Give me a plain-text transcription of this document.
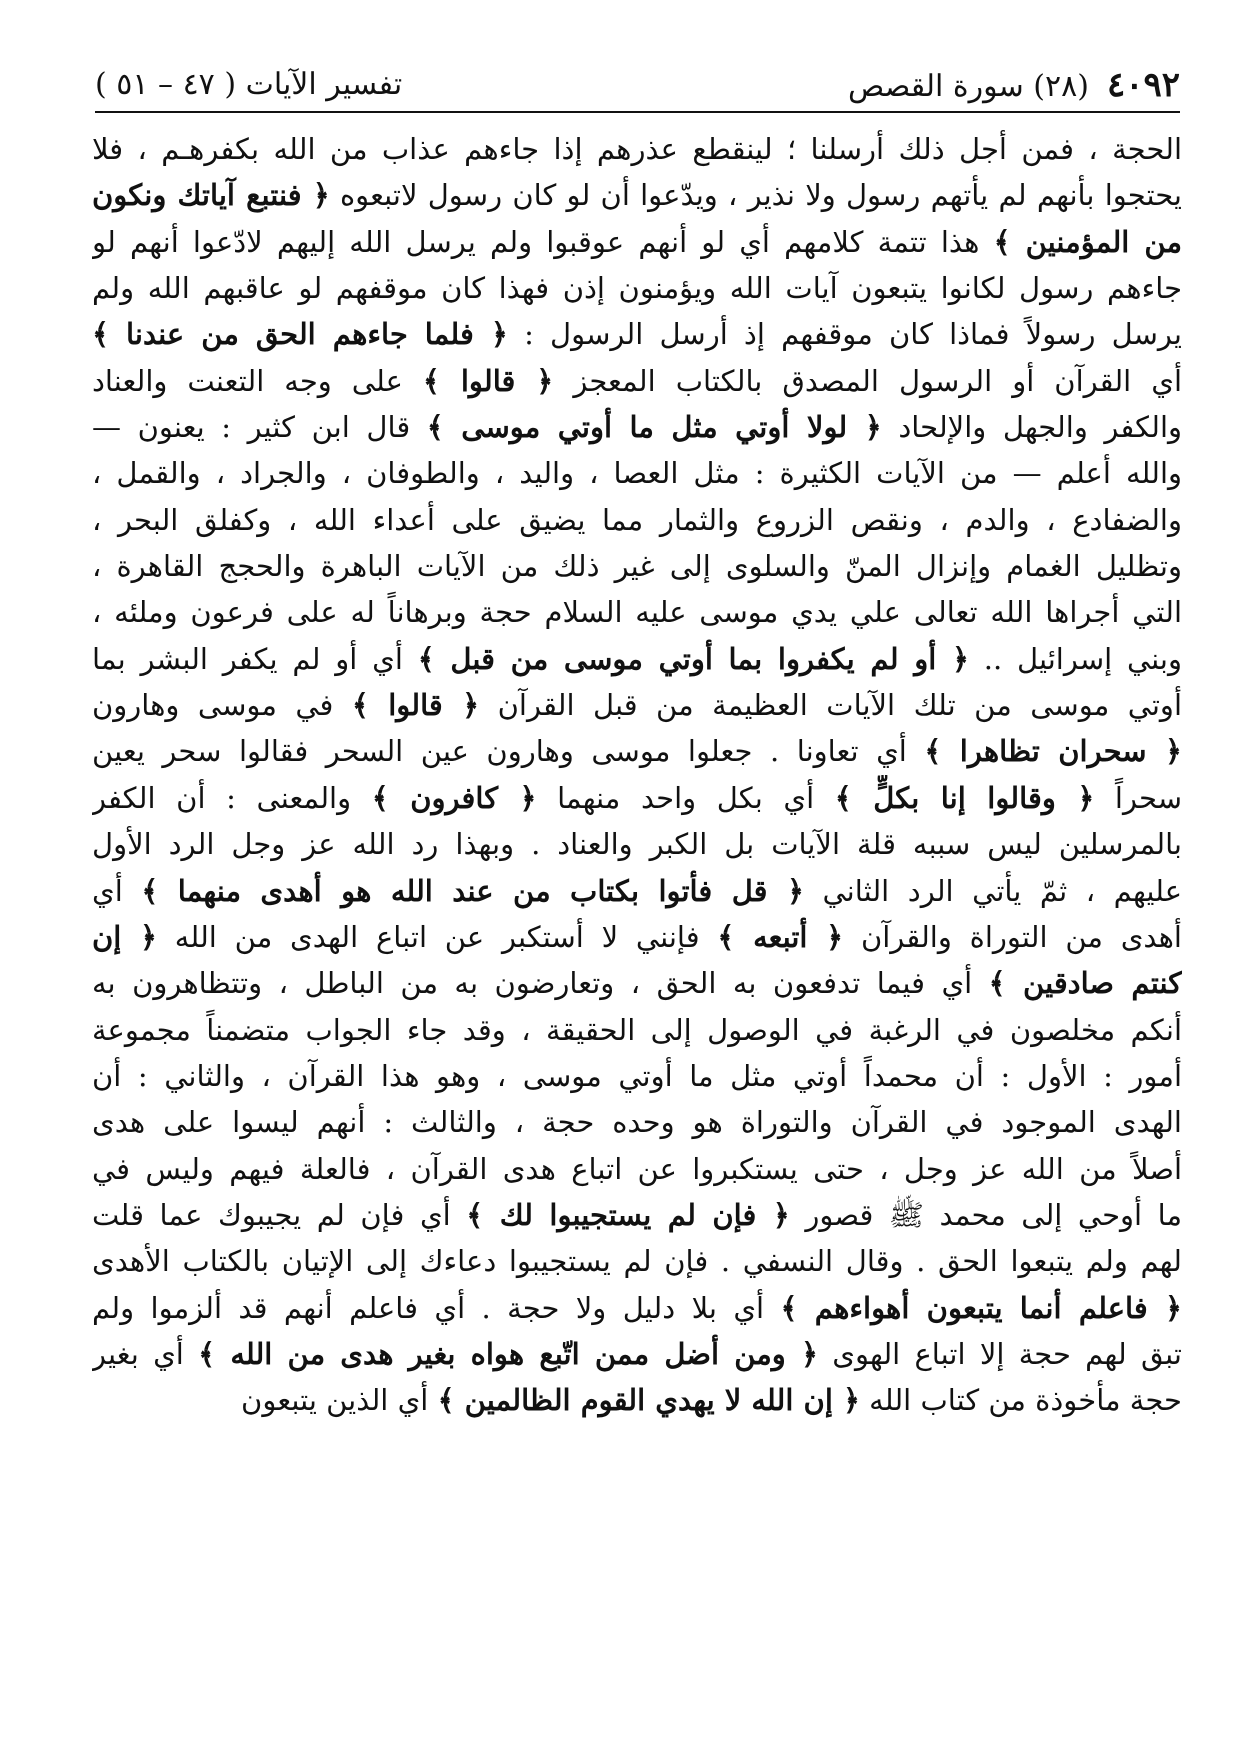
٤٠٩٢
(٢٨) سورة القصص
تفسير الآيات ( ٤٧ – ٥١ )
الحجة ، فمن أجل ذلك أرسلنا ؛ لينقطع عذرهم إذا جاءهم عذاب من الله بكفرهـم ، فلا
يحتجوا بأنهم لم يأتهم رسول ولا نذير ، ويدّعوا أن لو كان رسول لاتبعوه ﴿ فنتبع آياتك ونكون
من المؤمنين ﴾ هذا تتمة كلامهم أي لو أنهم عوقبوا ولم يرسل الله إليهم لادّعوا أنهم لو
جاءهم رسول لكانوا يتبعون آيات الله ويؤمنون إذن فهذا كان موقفهم لو عاقبهم الله ولم
يرسل رسولاً فماذا كان موقفهم إذ أرسل الرسول : ﴿ فلما جاءهم الحق من عندنا ﴾
أي القرآن أو الرسول المصدق بالكتاب المعجز ﴿ قالوا ﴾ على وجه التعنت والعناد
والكفر والجهل والإلحاد ﴿ لولا أوتي مثل ما أوتي موسى ﴾ قال ابن كثير : يعنون —
والله أعلم — من الآيات الكثيرة : مثل العصا ، واليد ، والطوفان ، والجراد ، والقمل ،
والضفادع ، والدم ، ونقص الزروع والثمار مما يضيق على أعداء الله ، وكفلق البحر ،
وتظليل الغمام وإنزال المنّ والسلوى إلى غير ذلك من الآيات الباهرة والحجج القاهرة ،
التي أجراها الله تعالى علي يدي موسى عليه السلام حجة وبرهاناً له على فرعون وملئه ،
وبني إسرائيل .. ﴿ أو لم يكفروا بما أوتي موسى من قبل ﴾ أي أو لم يكفر البشر بما
أوتي موسى من تلك الآيات العظيمة من قبل القرآن ﴿ قالوا ﴾ في موسى وهارون
﴿ سحران تظاهرا ﴾ أي تعاونا . جعلوا موسى وهارون عين السحر فقالوا سحر يعين
سحراً ﴿ وقالوا إنا بكلٍّ ﴾ أي بكل واحد منهما ﴿ كافرون ﴾ والمعنى : أن الكفر
بالمرسلين ليس سببه قلة الآيات بل الكبر والعناد . وبهذا رد الله عز وجل الرد الأول
عليهم ، ثمّ يأتي الرد الثاني ﴿ قل فأتوا بكتاب من عند الله هو أهدى منهما ﴾ أي
أهدى من التوراة والقرآن ﴿ أتبعه ﴾ فإنني لا أستكبر عن اتباع الهدى من الله ﴿ إن
كنتم صادقين ﴾ أي فيما تدفعون به الحق ، وتعارضون به من الباطل ، وتتظاهرون به
أنكم مخلصون في الرغبة في الوصول إلى الحقيقة ، وقد جاء الجواب متضمناً مجموعة
أمور : الأول : أن محمداً أوتي مثل ما أوتي موسى ، وهو هذا القرآن ، والثاني : أن
الهدى الموجود في القرآن والتوراة هو وحده حجة ، والثالث : أنهم ليسوا على هدى
أصلاً من الله عز وجل ، حتى يستكبروا عن اتباع هدى القرآن ، فالعلة فيهم وليس في
ما أوحي إلى محمد ﷺ قصور ﴿ فإن لم يستجيبوا لك ﴾ أي فإن لم يجيبوك عما قلت
لهم ولم يتبعوا الحق . وقال النسفي . فإن لم يستجيبوا دعاءك إلى الإتيان بالكتاب الأهدى
﴿ فاعلم أنما يتبعون أهواءهم ﴾ أي بلا دليل ولا حجة . أي فاعلم أنهم قد ألزموا ولم
تبق لهم حجة إلا اتباع الهوى ﴿ ومن أضل ممن اتّبع هواه بغير هدى من الله ﴾ أي بغير
حجة مأخوذة من كتاب الله ﴿ إن الله لا يهدي القوم الظالمين ﴾ أي الذين يتبعون
